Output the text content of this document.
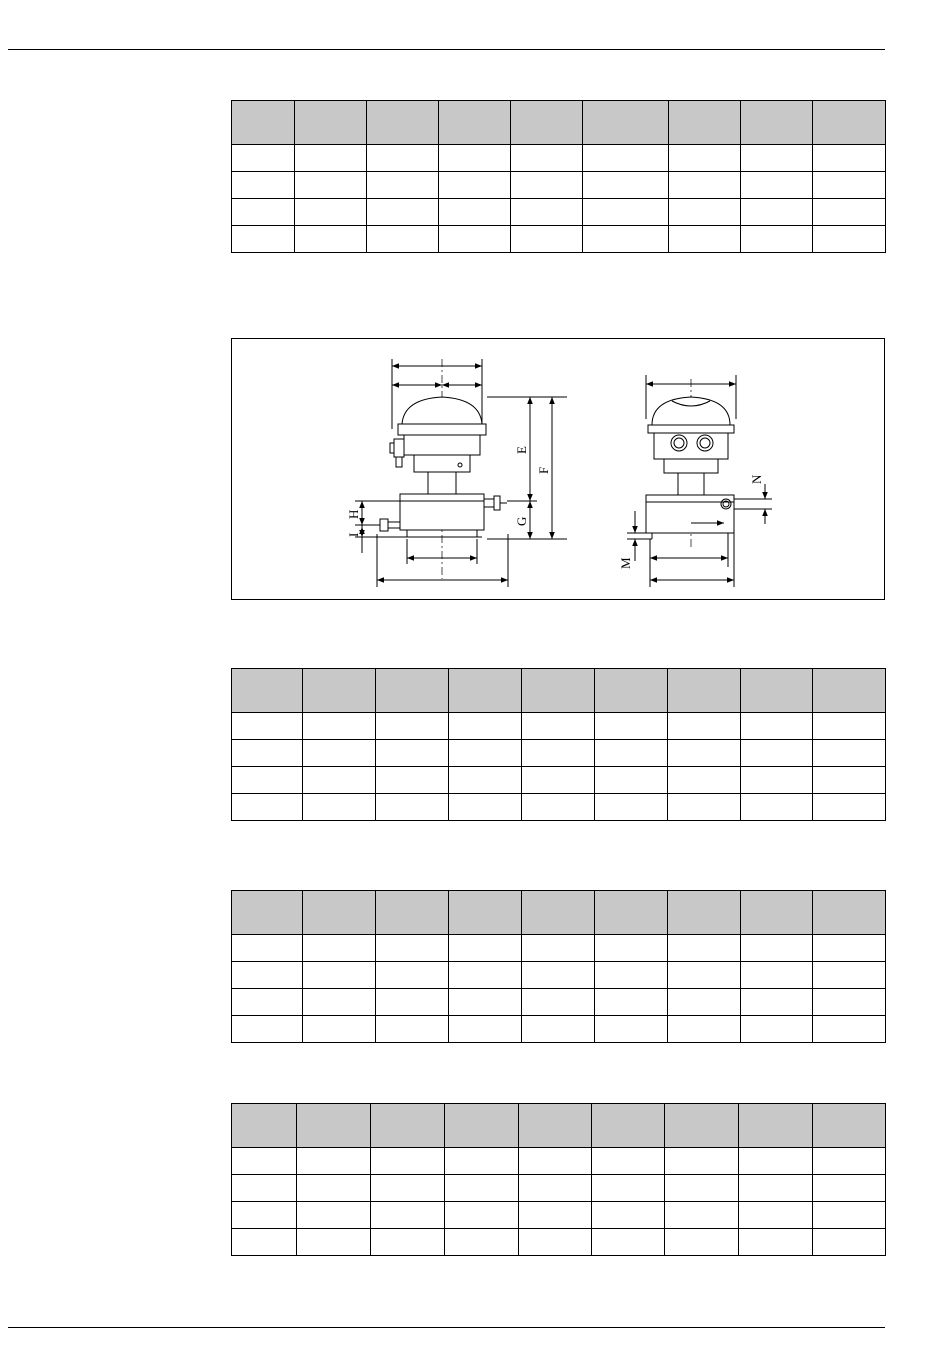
E
F
G
H
I
N
M
